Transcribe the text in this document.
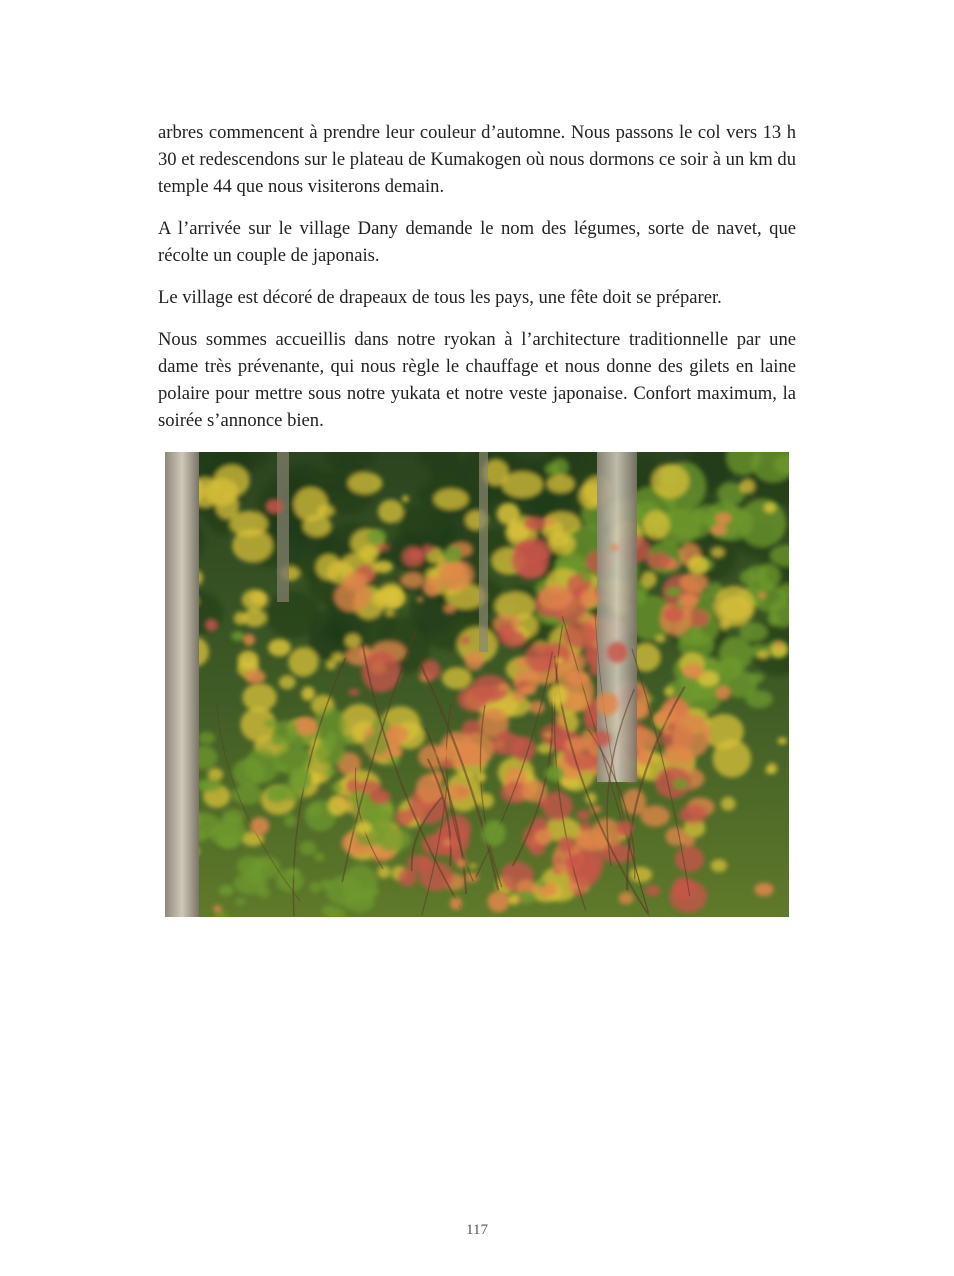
arbres commencent à prendre leur couleur d’automne. Nous passons le col vers 13 h 30 et redescendons sur le plateau de Kumakogen où nous dormons ce soir à un km du temple 44 que nous visiterons demain.

A l’arrivée sur le village Dany demande le nom des légumes, sorte de navet, que récolte un couple de japonais.

Le village est décoré de drapeaux de tous les pays, une fête doit se préparer.

Nous sommes accueillis dans notre ryokan à l’architecture traditionnelle par une dame très prévenante, qui nous règle le chauffage et nous donne des gilets en laine polaire pour mettre sous notre yukata et notre veste japonaise. Confort maximum, la soirée s’annonce bien.

117
